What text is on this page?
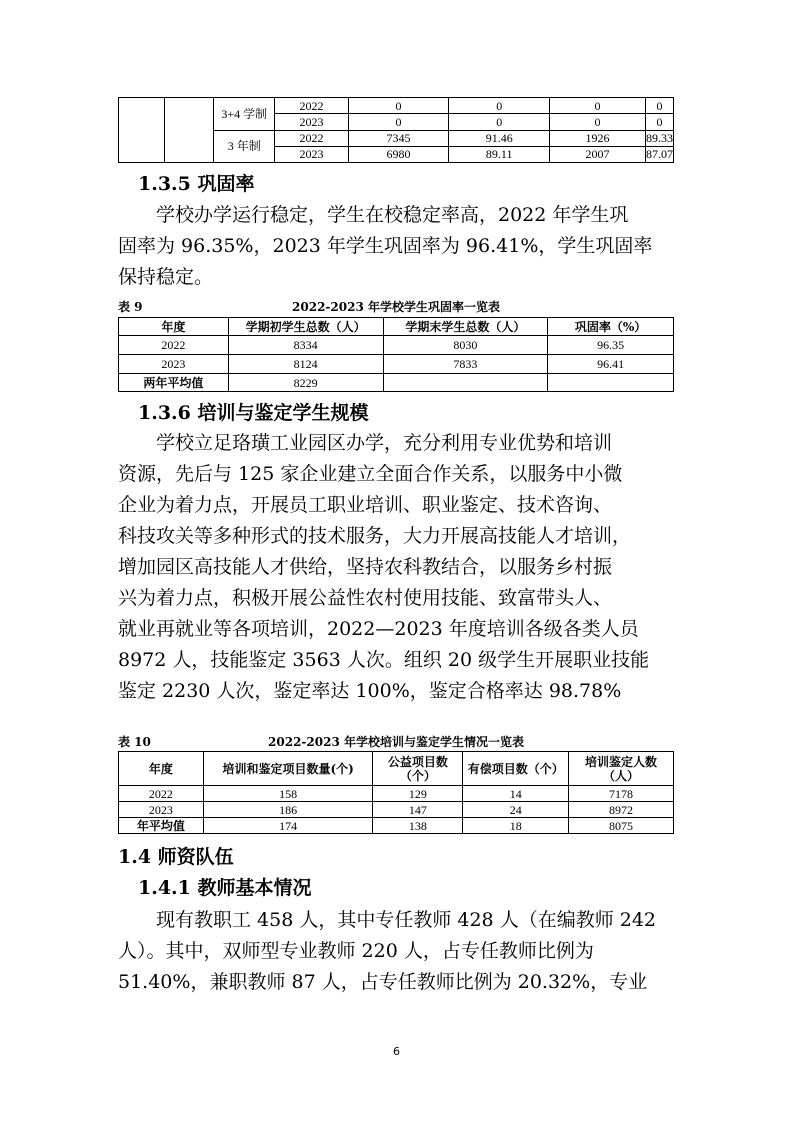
		3+4 学制	2022	0	0	0	0
			2023	0	0	0	0
		3 年制	2022	7345	91.46	1926	89.33
			2023	6980	89.11	2007	87.07
1.3.5 巩固率
学校办学运行稳定，学生在校稳定率高，2022 年学生巩
固率为 96.35%，2023 年学生巩固率为 96.41%，学生巩固率
保持稳定。
表 9	2022-2023 年学校学生巩固率一览表
年度	学期初学生总数（人）	学期末学生总数（人）	巩固率（%）
2022	8334	8030	96.35
2023	8124	7833	96.41
两年平均值	8229		
1.3.6 培训与鉴定学生规模
学校立足珞璜工业园区办学，充分利用专业优势和培训
资源，先后与 125 家企业建立全面合作关系，以服务中小微
企业为着力点，开展员工职业培训、职业鉴定、技术咨询、
科技攻关等多种形式的技术服务，大力开展高技能人才培训，
增加园区高技能人才供给，坚持农科教结合，以服务乡村振
兴为着力点，积极开展公益性农村使用技能、致富带头人、
就业再就业等各项培训，2022—2023 年度培训各级各类人员
8972 人，技能鉴定 3563 人次。组织 20 级学生开展职业技能
鉴定 2230 人次，鉴定率达 100%，鉴定合格率达 98.78%
表 10	2022-2023 年学校培训与鉴定学生情况一览表
年度	培训和鉴定项目数量(个)	公益项目数（个）	有偿项目数（个）	培训鉴定人数（人）
2022	158	129	14	7178
2023	186	147	24	8972
年平均值	174	138	18	8075
1.4 师资队伍
1.4.1 教师基本情况
现有教职工 458 人，其中专任教师 428 人（在编教师 242
人）。其中，双师型专业教师 220 人，占专任教师比例为
51.40%，兼职教师 87 人，占专任教师比例为 20.32%，专业
6
